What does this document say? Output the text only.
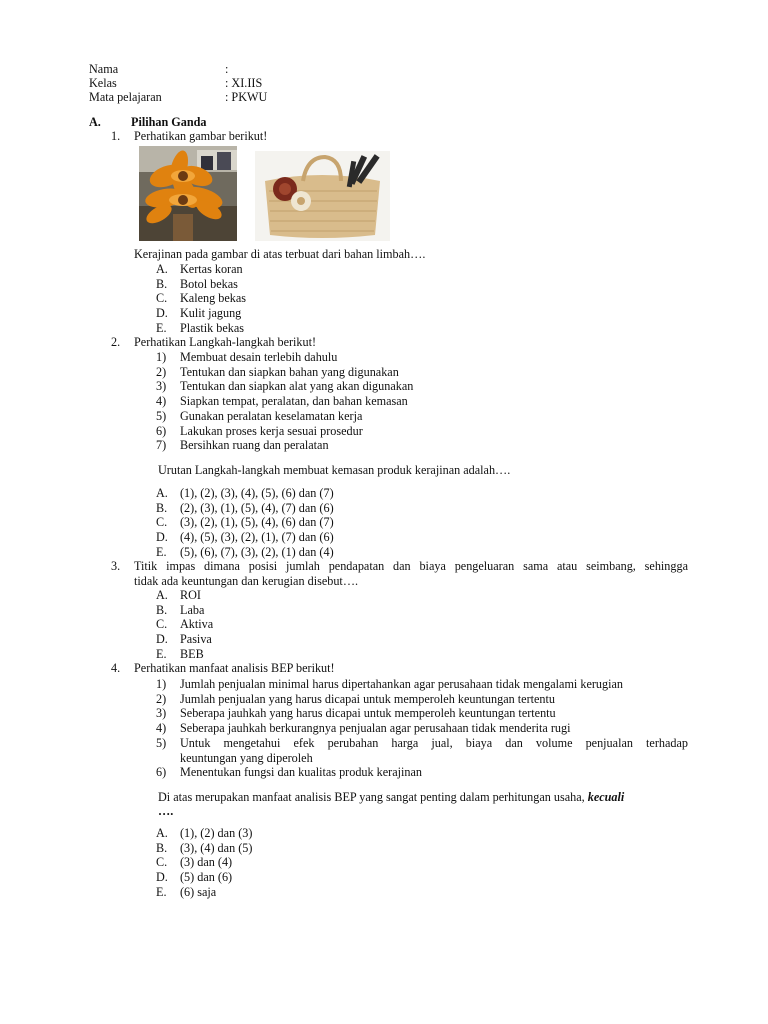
Nama	:
Kelas	: XI.IIS
Mata pelajaran	: PKWU
A. Pilihan Ganda
1. Perhatikan gambar berikut!
Kerajinan pada gambar di atas terbuat dari bahan limbah….
A. Kertas koran
B. Botol bekas
C. Kaleng bekas
D. Kulit jagung
E. Plastik bekas
2. Perhatikan Langkah-langkah berikut!
1) Membuat desain terlebih dahulu
2) Tentukan dan siapkan bahan yang digunakan
3) Tentukan dan siapkan alat yang akan digunakan
4) Siapkan tempat, peralatan, dan bahan kemasan
5) Gunakan peralatan keselamatan kerja
6) Lakukan proses kerja sesuai prosedur
7) Bersihkan ruang dan peralatan
Urutan Langkah-langkah membuat kemasan produk kerajinan adalah….
A. (1), (2), (3), (4), (5), (6) dan (7)
B. (2), (3), (1), (5), (4), (7) dan (6)
C. (3), (2), (1), (5), (4), (6) dan (7)
D. (4), (5), (3), (2), (1), (7) dan (6)
E. (5), (6), (7), (3), (2), (1) dan (4)
3. Titik impas dimana posisi jumlah pendapatan dan biaya pengeluaran sama atau seimbang, sehingga
tidak ada keuntungan dan kerugian disebut….
A. ROI
B. Laba
C. Aktiva
D. Pasiva
E. BEB
4. Perhatikan manfaat analisis BEP berikut!
1) Jumlah penjualan minimal harus dipertahankan agar perusahaan tidak mengalami kerugian
2) Jumlah penjualan yang harus dicapai untuk memperoleh keuntungan tertentu
3) Seberapa jauhkah yang harus dicapai untuk memperoleh keuntungan tertentu
4) Seberapa jauhkah berkurangnya penjualan agar perusahaan tidak menderita rugi
5) Untuk mengetahui efek perubahan harga jual, biaya dan volume penjualan terhadap
keuntungan yang diperoleh
6) Menentukan fungsi dan kualitas produk kerajinan
Di atas merupakan manfaat analisis BEP yang sangat penting dalam perhitungan usaha, kecuali
….
A. (1), (2) dan (3)
B. (3), (4) dan (5)
C. (3) dan (4)
D. (5) dan (6)
E. (6) saja
